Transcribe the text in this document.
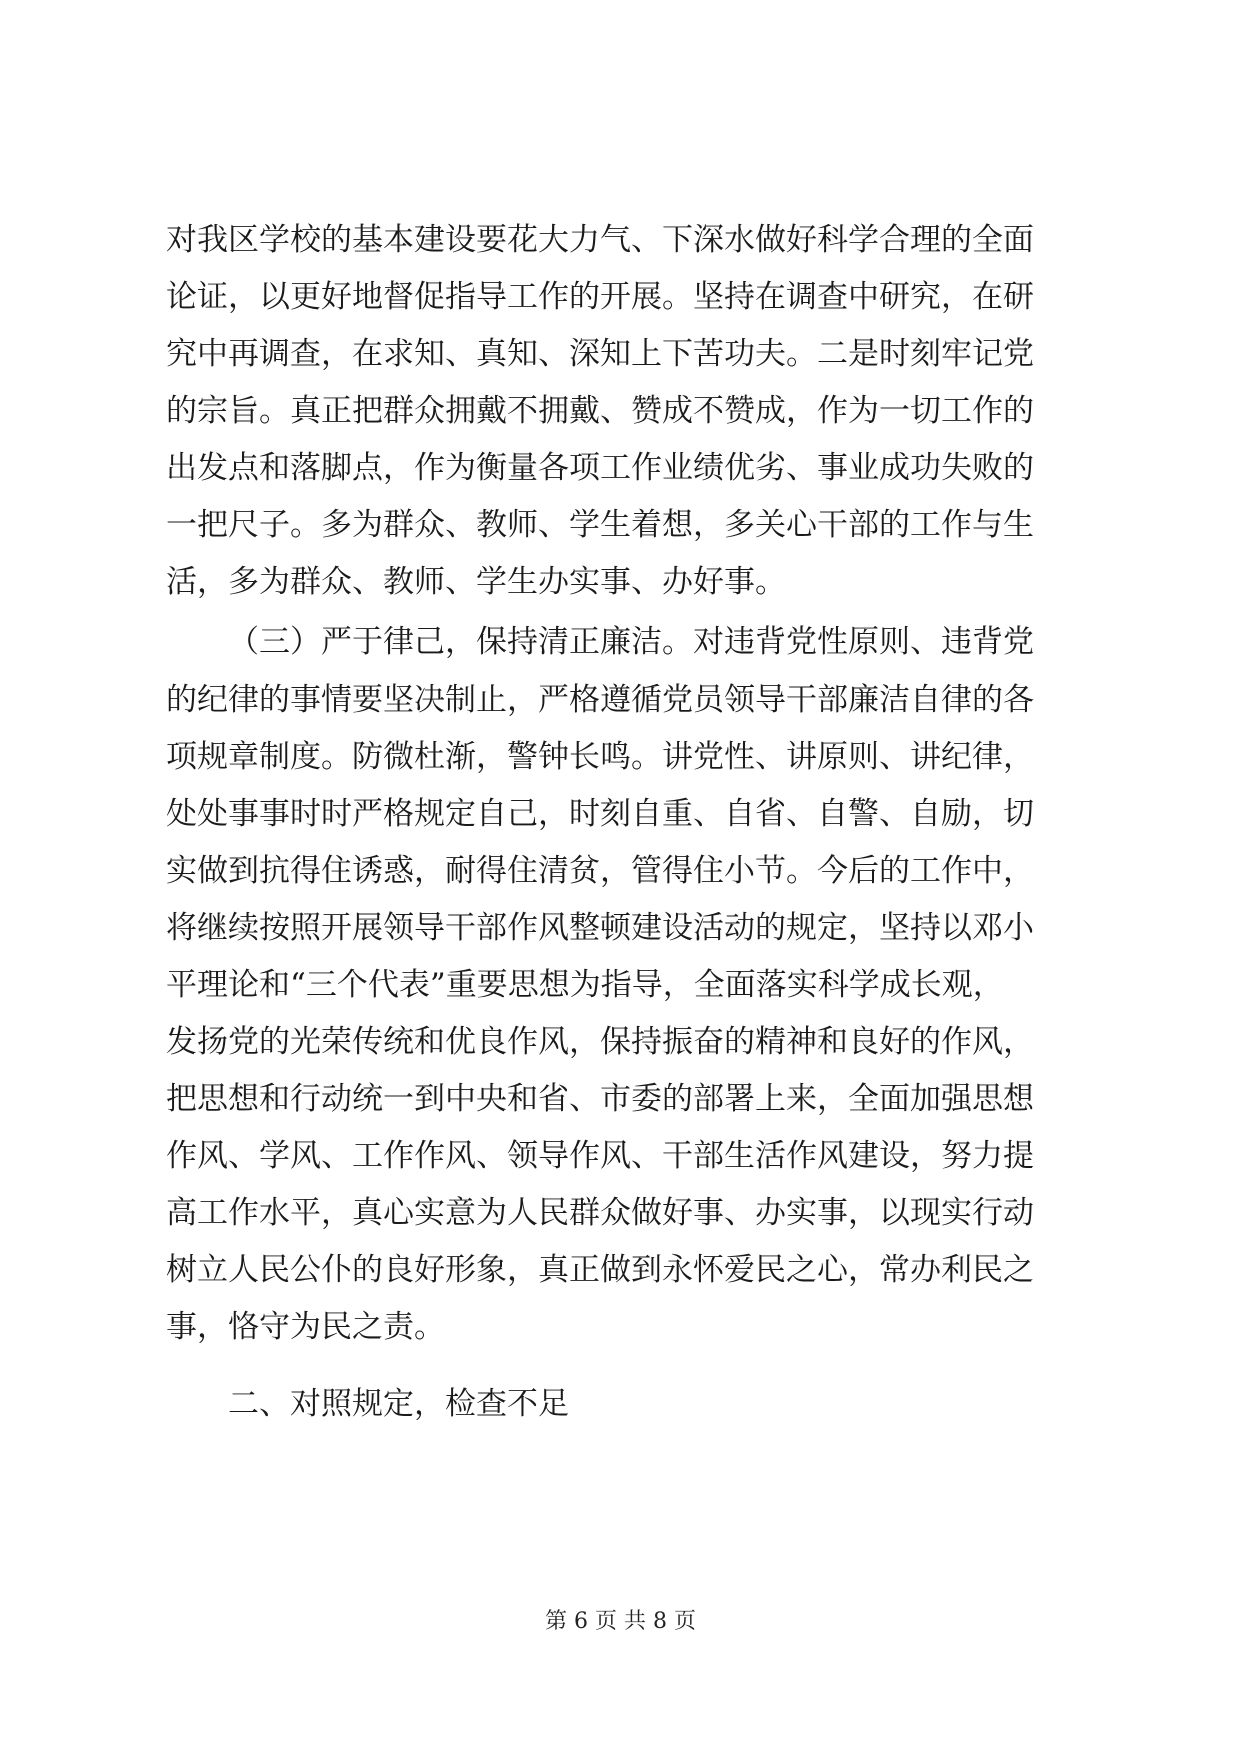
对我区学校的基本建设要花大力气、下深水做好科学合理的全面
论证，以更好地督促指导工作的开展。坚持在调查中研究，在研
究中再调查，在求知、真知、深知上下苦功夫。二是时刻牢记党
的宗旨。真正把群众拥戴不拥戴、赞成不赞成，作为一切工作的
出发点和落脚点，作为衡量各项工作业绩优劣、事业成功失败的
一把尺子。多为群众、教师、学生着想，多关心干部的工作与生
活，多为群众、教师、学生办实事、办好事。
（三）严于律己，保持清正廉洁。对违背党性原则、违背党
的纪律的事情要坚决制止，严格遵循党员领导干部廉洁自律的各
项规章制度。防微杜渐，警钟长鸣。讲党性、讲原则、讲纪律，
处处事事时时严格规定自己，时刻自重、自省、自警、自励，切
实做到抗得住诱惑，耐得住清贫，管得住小节。今后的工作中，
将继续按照开展领导干部作风整顿建设活动的规定，坚持以邓小
平理论和“三个代表”重要思想为指导，全面落实科学成长观，
发扬党的光荣传统和优良作风，保持振奋的精神和良好的作风，
把思想和行动统一到中央和省、市委的部署上来，全面加强思想
作风、学风、工作作风、领导作风、干部生活作风建设，努力提
高工作水平，真心实意为人民群众做好事、办实事，以现实行动
树立人民公仆的良好形象，真正做到永怀爱民之心，常办利民之
事，恪守为民之责。
二、对照规定，检查不足
第 6 页 共 8 页
